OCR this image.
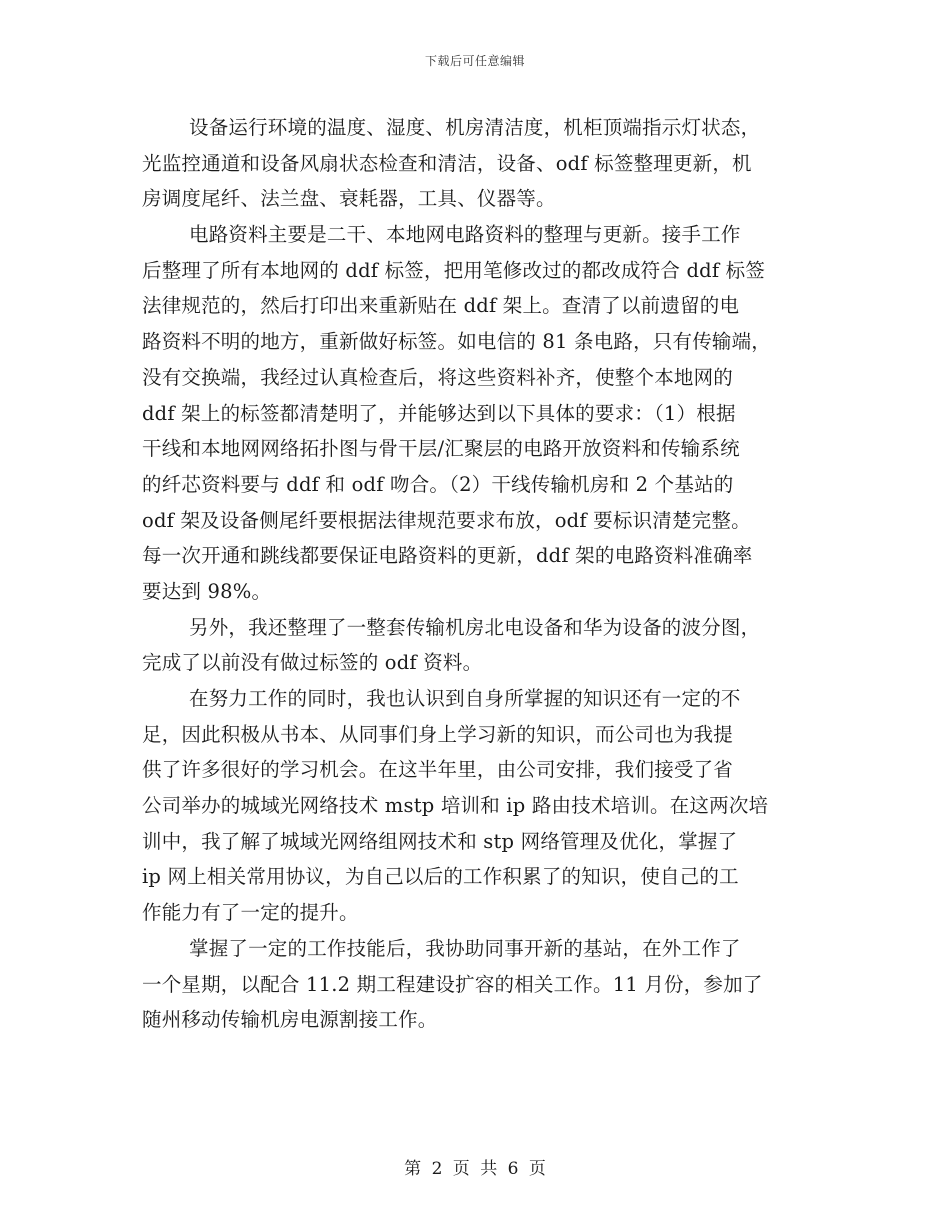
下载后可任意编辑
设备运行环境的温度、湿度、机房清洁度，机柜顶端指示灯状态，
光监控通道和设备风扇状态检查和清洁，设备、odf 标签整理更新，机
房调度尾纤、法兰盘、衰耗器，工具、仪器等。
电路资料主要是二干、本地网电路资料的整理与更新。接手工作
后整理了所有本地网的 ddf 标签，把用笔修改过的都改成符合 ddf 标签
法律规范的，然后打印出来重新贴在 ddf 架上。查清了以前遗留的电
路资料不明的地方，重新做好标签。如电信的 81 条电路，只有传输端，
没有交换端，我经过认真检查后，将这些资料补齐，使整个本地网的
ddf 架上的标签都清楚明了，并能够达到以下具体的要求：（1）根据
干线和本地网网络拓扑图与骨干层/汇聚层的电路开放资料和传输系统
的纤芯资料要与 ddf 和 odf 吻合。（2）干线传输机房和 2 个基站的
odf 架及设备侧尾纤要根据法律规范要求布放，odf 要标识清楚完整。
每一次开通和跳线都要保证电路资料的更新，ddf 架的电路资料准确率
要达到 98%。
另外，我还整理了一整套传输机房北电设备和华为设备的波分图，
完成了以前没有做过标签的 odf 资料。
在努力工作的同时，我也认识到自身所掌握的知识还有一定的不
足，因此积极从书本、从同事们身上学习新的知识，而公司也为我提
供了许多很好的学习机会。在这半年里，由公司安排，我们接受了省
公司举办的城域光网络技术 mstp 培训和 ip 路由技术培训。在这两次培
训中，我了解了城域光网络组网技术和 stp 网络管理及优化，掌握了
ip 网上相关常用协议，为自己以后的工作积累了的知识，使自己的工
作能力有了一定的提升。
掌握了一定的工作技能后，我协助同事开新的基站，在外工作了
一个星期，以配合 11.2 期工程建设扩容的相关工作。11 月份，参加了
随州移动传输机房电源割接工作。
第 2 页 共 6 页
